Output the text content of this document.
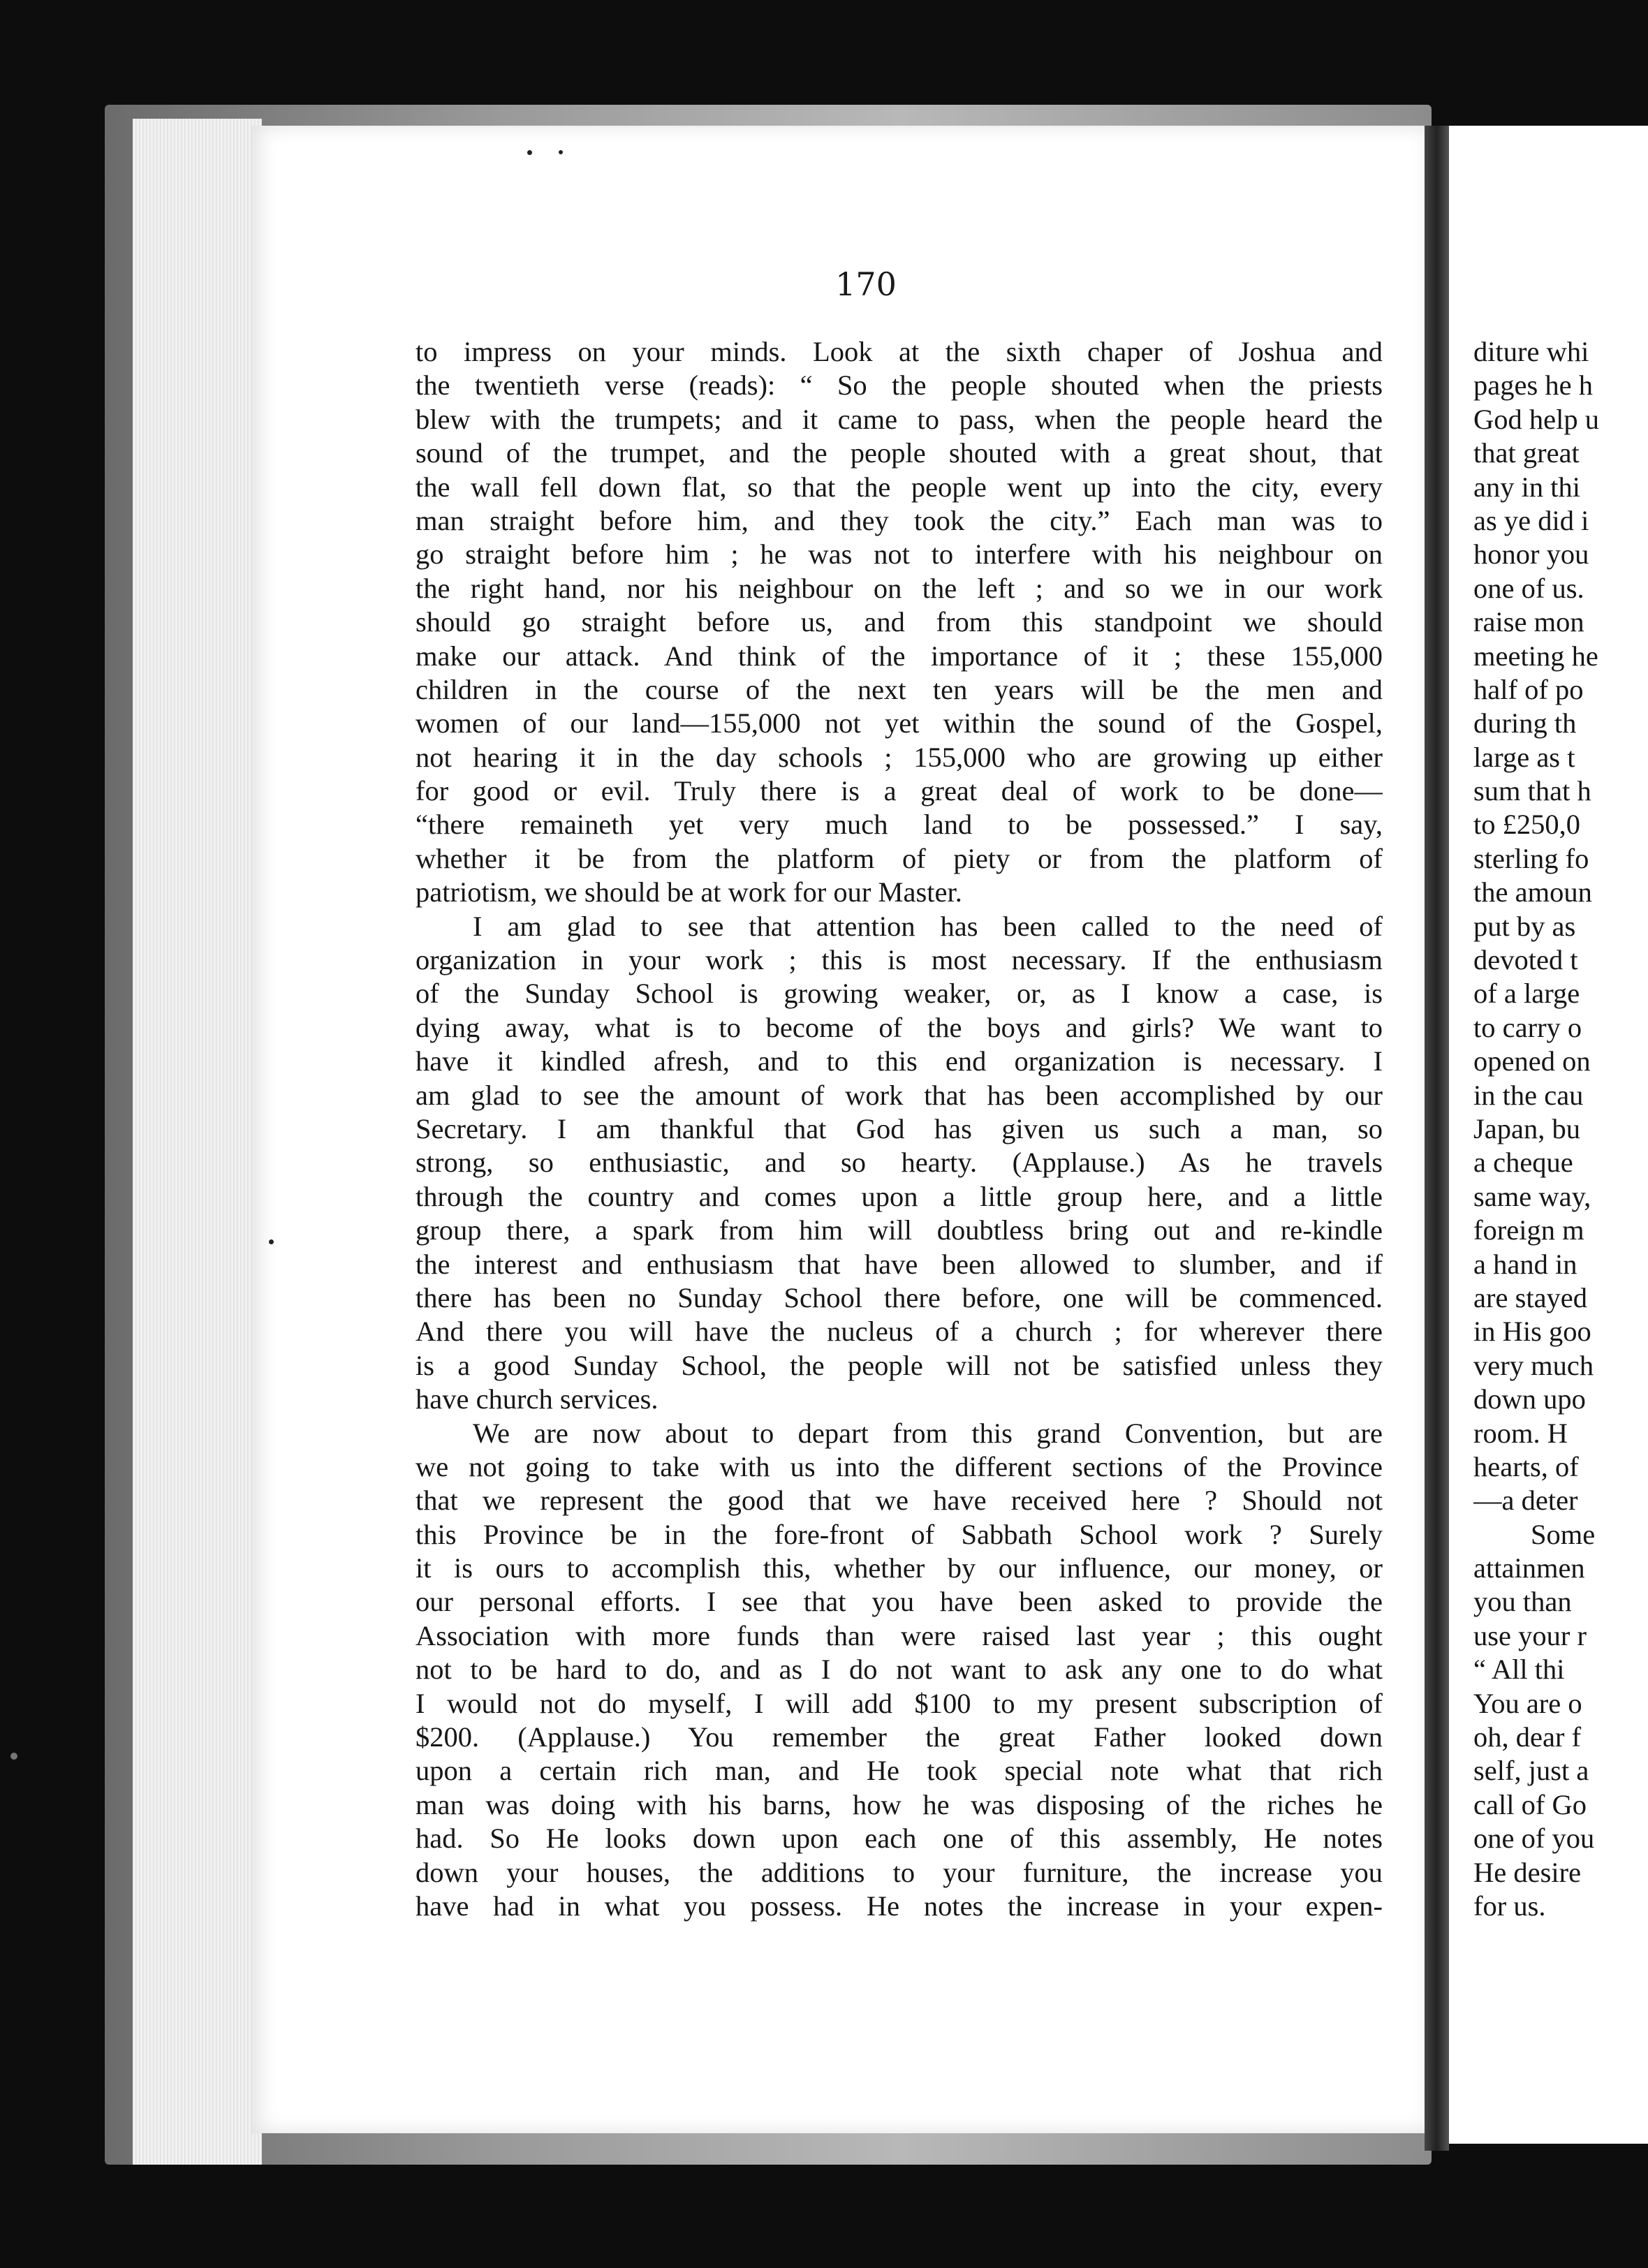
170
to impress on your minds. Look at the sixth chaper of Joshua and
the twentieth verse (reads): “ So the people shouted when the priests
blew with the trumpets; and it came to pass, when the people heard the
sound of the trumpet, and the people shouted with a great shout, that
the wall fell down flat, so that the people went up into the city, every
man straight before him, and they took the city.” Each man was to
go straight before him ; he was not to interfere with his neighbour on
the right hand, nor his neighbour on the left ; and so we in our work
should go straight before us, and from this standpoint we should
make our attack. And think of the importance of it ; these 155,000
children in the course of the next ten years will be the men and
women of our land—155,000 not yet within the sound of the Gospel,
not hearing it in the day schools ; 155,000 who are growing up either
for good or evil. Truly there is a great deal of work to be done—
“there remaineth yet very much land to be possessed.” I say,
whether it be from the platform of piety or from the platform of
patriotism, we should be at work for our Master.
I am glad to see that attention has been called to the need of
organization in your work ; this is most necessary. If the enthusiasm
of the Sunday School is growing weaker, or, as I know a case, is
dying away, what is to become of the boys and girls? We want to
have it kindled afresh, and to this end organization is necessary. I
am glad to see the amount of work that has been accomplished by our
Secretary. I am thankful that God has given us such a man, so
strong, so enthusiastic, and so hearty. (Applause.) As he travels
through the country and comes upon a little group here, and a little
group there, a spark from him will doubtless bring out and re-kindle
the interest and enthusiasm that have been allowed to slumber, and if
there has been no Sunday School there before, one will be commenced.
And there you will have the nucleus of a church ; for wherever there
is a good Sunday School, the people will not be satisfied unless they
have church services.
We are now about to depart from this grand Convention, but are
we not going to take with us into the different sections of the Province
that we represent the good that we have received here ? Should not
this Province be in the fore-front of Sabbath School work ? Surely
it is ours to accomplish this, whether by our influence, our money, or
our personal efforts. I see that you have been asked to provide the
Association with more funds than were raised last year ; this ought
not to be hard to do, and as I do not want to ask any one to do what
I would not do myself, I will add $100 to my present subscription of
$200. (Applause.) You remember the great Father looked down
upon a certain rich man, and He took special note what that rich
man was doing with his barns, how he was disposing of the riches he
had. So He looks down upon each one of this assembly, He notes
down your houses, the additions to your furniture, the increase you
have had in what you possess. He notes the increase in your expen-
diture whi
pages he h
God help u
that great
any in thi
as ye did i
honor you
one of us.
raise mon
meeting he
half of po
during th
large as t
sum that h
to £250,0
sterling fo
the amoun
put by as
devoted t
of a large
to carry o
opened on
in the cau
Japan, bu
a cheque
same way,
foreign m
a hand in
are stayed
in His goo
very much
down upo
room. H
hearts, of
—a deter
Some
attainmen
you than
use your r
“ All thi
You are o
oh, dear f
self, just a
call of Go
one of you
He desire
for us.
